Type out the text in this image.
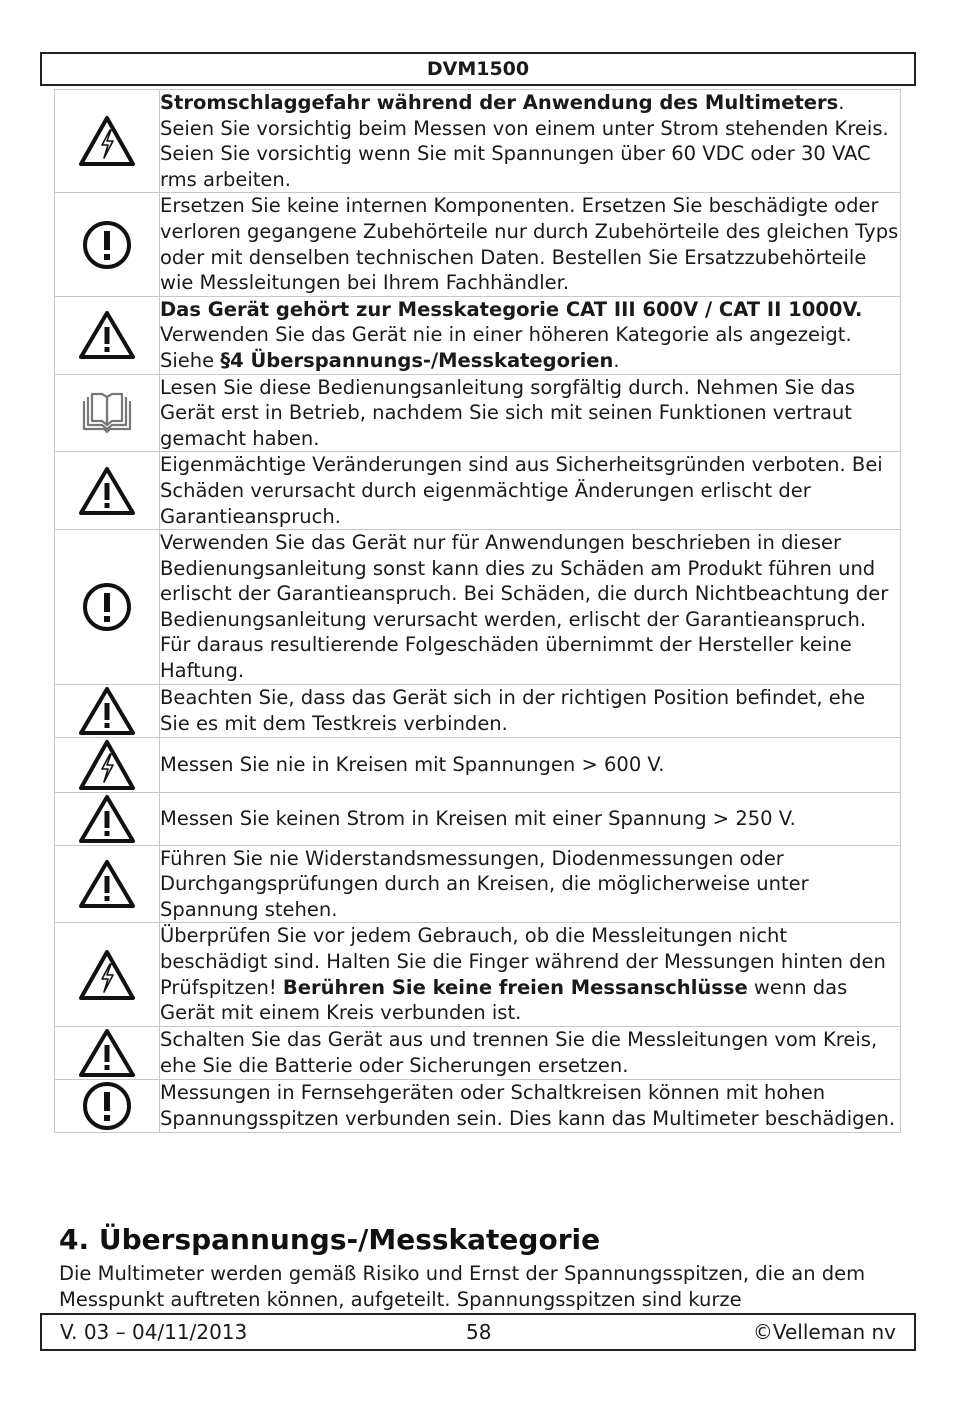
DVM1500
	Stromschlaggefahr während der Anwendung des Multimeters. Seien Sie vorsichtig beim Messen von einem unter Strom stehenden Kreis. Seien Sie vorsichtig wenn Sie mit Spannungen über 60 VDC oder 30 VAC rms arbeiten.

	Ersetzen Sie keine internen Komponenten. Ersetzen Sie beschädigte oder verloren gegangene Zubehörteile nur durch Zubehörteile des gleichen Typs oder mit denselben technischen Daten. Bestellen Sie Ersatzzubehörteile wie Messleitungen bei Ihrem Fachhändler.

	Das Gerät gehört zur Messkategorie CAT III 600V / CAT II 1000V. Verwenden Sie das Gerät nie in einer höheren Kategorie als angezeigt. Siehe §4 Überspannungs-/Messkategorien.

	Lesen Sie diese Bedienungsanleitung sorgfältig durch. Nehmen Sie das Gerät erst in Betrieb, nachdem Sie sich mit seinen Funktionen vertraut gemacht haben.

	Eigenmächtige Veränderungen sind aus Sicherheitsgründen verboten. Bei Schäden verursacht durch eigenmächtige Änderungen erlischt der Garantieanspruch.

	Verwenden Sie das Gerät nur für Anwendungen beschrieben in dieser Bedienungsanleitung sonst kann dies zu Schäden am Produkt führen und erlischt der Garantieanspruch. Bei Schäden, die durch Nichtbeachtung der Bedienungsanleitung verursacht werden, erlischt der Garantieanspruch. Für daraus resultierende Folgeschäden übernimmt der Hersteller keine Haftung.

	Beachten Sie, dass das Gerät sich in der richtigen Position befindet, ehe Sie es mit dem Testkreis verbinden.

	Messen Sie nie in Kreisen mit Spannungen > 600 V.

	Messen Sie keinen Strom in Kreisen mit einer Spannung > 250 V.

	Führen Sie nie Widerstandsmessungen, Diodenmessungen oder Durchgangsprüfungen durch an Kreisen, die möglicherweise unter Spannung stehen.

	Überprüfen Sie vor jedem Gebrauch, ob die Messleitungen nicht beschädigt sind. Halten Sie die Finger während der Messungen hinten den Prüfspitzen! Berühren Sie keine freien Messanschlüsse wenn das Gerät mit einem Kreis verbunden ist.

	Schalten Sie das Gerät aus und trennen Sie die Messleitungen vom Kreis, ehe Sie die Batterie oder Sicherungen ersetzen.

	Messungen in Fernsehgeräten oder Schaltkreisen können mit hohen Spannungsspitzen verbunden sein. Dies kann das Multimeter beschädigen.
4. Überspannungs-/Messkategorie

Die Multimeter werden gemäß Risiko und Ernst der Spannungsspitzen, die an dem Messpunkt auftreten können, aufgeteilt. Spannungsspitzen sind kurze

V. 03 – 04/11/2013	58	©Velleman nv
